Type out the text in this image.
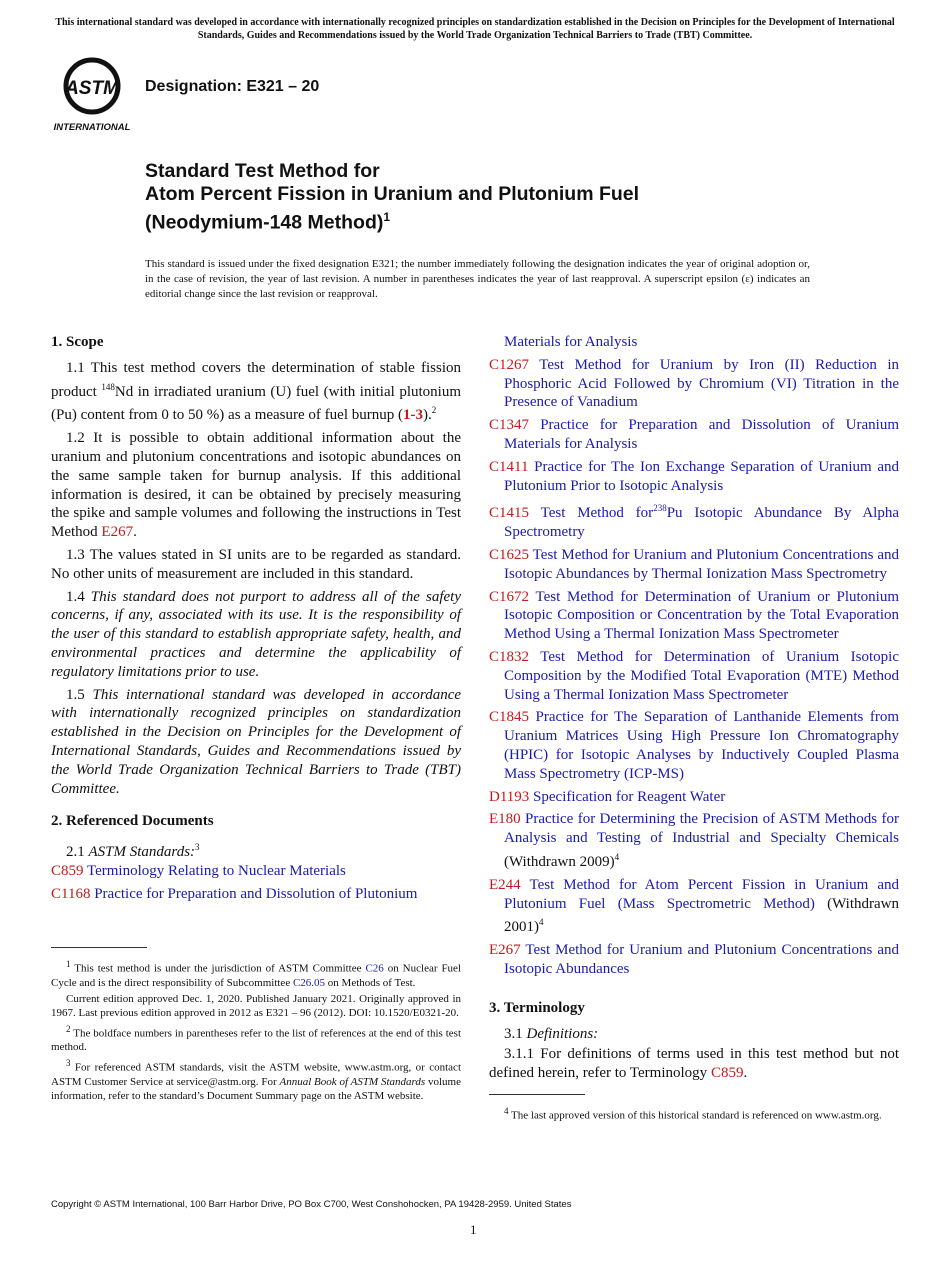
This international standard was developed in accordance with internationally recognized principles on standardization established in the Decision on Principles for the Development of International Standards, Guides and Recommendations issued by the World Trade Organization Technical Barriers to Trade (TBT) Committee.
ASTM
INTERNATIONAL
Designation: E321 – 20
Standard Test Method for
Atom Percent Fission in Uranium and Plutonium Fuel
(Neodymium-148 Method)$^1$
This standard is issued under the fixed designation E321; the number immediately following the designation indicates the year of original adoption or, in the case of revision, the year of last revision. A number in parentheses indicates the year of last reapproval. A superscript epsilon (ε) indicates an editorial change since the last revision or reapproval.
1. Scope

1.1 This test method covers the determination of stable fission product $^{148}$Nd in irradiated uranium (U) fuel (with initial plutonium (Pu) content from 0 to 50 %) as a measure of fuel burnup (1-3).$^2$

1.2 It is possible to obtain additional information about the uranium and plutonium concentrations and isotopic abundances on the same sample taken for burnup analysis. If this additional information is desired, it can be obtained by precisely measuring the spike and sample volumes and following the instructions in Test Method E267.

1.3 The values stated in SI units are to be regarded as standard. No other units of measurement are included in this standard.

1.4 This standard does not purport to address all of the safety concerns, if any, associated with its use. It is the responsibility of the user of this standard to establish appropriate safety, health, and environmental practices and determine the applicability of regulatory limitations prior to use.

1.5 This international standard was developed in accordance with internationally recognized principles on standardization established in the Decision on Principles for the Development of International Standards, Guides and Recommendations issued by the World Trade Organization Technical Barriers to Trade (TBT) Committee.

2. Referenced Documents

2.1 ASTM Standards:$^3$

C859 Terminology Relating to Nuclear Materials

C1168 Practice for Preparation and Dissolution of Plutonium

$^1$ This test method is under the jurisdiction of ASTM Committee C26 on Nuclear Fuel Cycle and is the direct responsibility of Subcommittee C26.05 on Methods of Test.

Current edition approved Dec. 1, 2020. Published January 2021. Originally approved in 1967. Last previous edition approved in 2012 as E321 – 96 (2012). DOI: 10.1520/E0321-20.

$^2$ The boldface numbers in parentheses refer to the list of references at the end of this test method.

$^3$ For referenced ASTM standards, visit the ASTM website, www.astm.org, or contact ASTM Customer Service at service@astm.org. For Annual Book of ASTM Standards volume information, refer to the standard’s Document Summary page on the ASTM website.

Materials for Analysis

C1267 Test Method for Uranium by Iron (II) Reduction in Phosphoric Acid Followed by Chromium (VI) Titration in the Presence of Vanadium

C1347 Practice for Preparation and Dissolution of Uranium Materials for Analysis

C1411 Practice for The Ion Exchange Separation of Uranium and Plutonium Prior to Isotopic Analysis

C1415 Test Method for$^{238}$Pu Isotopic Abundance By Alpha Spectrometry

C1625 Test Method for Uranium and Plutonium Concentrations and Isotopic Abundances by Thermal Ionization Mass Spectrometry

C1672 Test Method for Determination of Uranium or Plutonium Isotopic Composition or Concentration by the Total Evaporation Method Using a Thermal Ionization Mass Spectrometer

C1832 Test Method for Determination of Uranium Isotopic Composition by the Modified Total Evaporation (MTE) Method Using a Thermal Ionization Mass Spectrometer

C1845 Practice for The Separation of Lanthanide Elements from Uranium Matrices Using High Pressure Ion Chromatography (HPIC) for Isotopic Analyses by Inductively Coupled Plasma Mass Spectrometry (ICP-MS)

D1193 Specification for Reagent Water

E180 Practice for Determining the Precision of ASTM Methods for Analysis and Testing of Industrial and Specialty Chemicals (Withdrawn 2009)$^4$

E244 Test Method for Atom Percent Fission in Uranium and Plutonium Fuel (Mass Spectrometric Method) (Withdrawn 2001)$^4$

E267 Test Method for Uranium and Plutonium Concentrations and Isotopic Abundances

3. Terminology

3.1 Definitions:

3.1.1 For definitions of terms used in this test method but not defined herein, refer to Terminology C859.

$^4$ The last approved version of this historical standard is referenced on www.astm.org.

Copyright © ASTM International, 100 Barr Harbor Drive, PO Box C700, West Conshohocken, PA 19428-2959. United States
1
